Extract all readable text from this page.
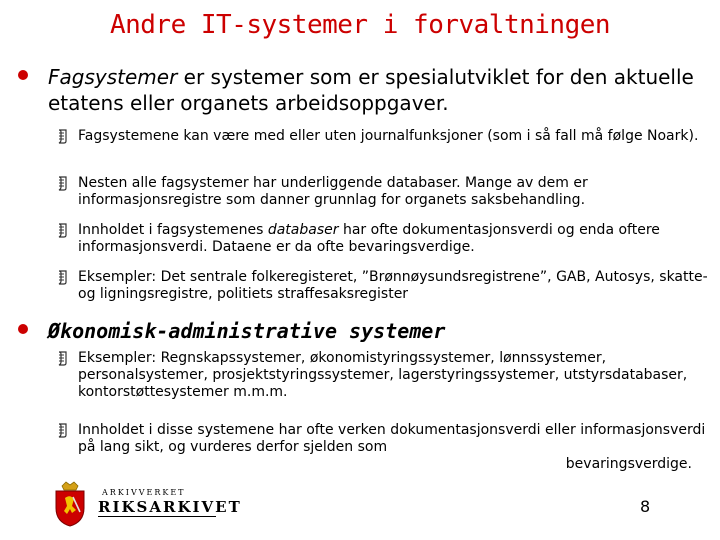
Andre IT-systemer i forvaltningen
Fagsystemer er systemer som er spesialutviklet for den aktuelle etatens eller organets arbeidsoppgaver.
Fagsystemene kan være med eller uten journalfunksjoner (som i så fall må følge Noark).
Nesten alle fagsystemer har underliggende databaser. Mange av dem er informasjonsregistre som danner grunnlag for organets saksbehandling.
Innholdet i fagsystemenes databaser har ofte dokumentasjonsverdi og enda oftere informasjonsverdi. Dataene er da ofte bevaringsverdige.
Eksempler: Det sentrale folkeregisteret, ”Brønnøysundsregistrene”, GAB, Autosys, skatte- og ligningsregistre, politiets straffesaksregister
Økonomisk-administrative systemer
Eksempler: Regnskapssystemer, økonomistyringssystemer, lønnssystemer, personalsystemer, prosjektstyringssystemer, lagerstyringssystemer, utstyrsdatabaser, kontorstøttesystemer m.m.m.
Innholdet i disse systemene har ofte verken dokumentasjonsverdi eller informasjonsverdi på lang sikt, og vurderes derfor sjelden som
bevaringsverdige.
ARKIVVERKET
RIKSARKIVET	8
